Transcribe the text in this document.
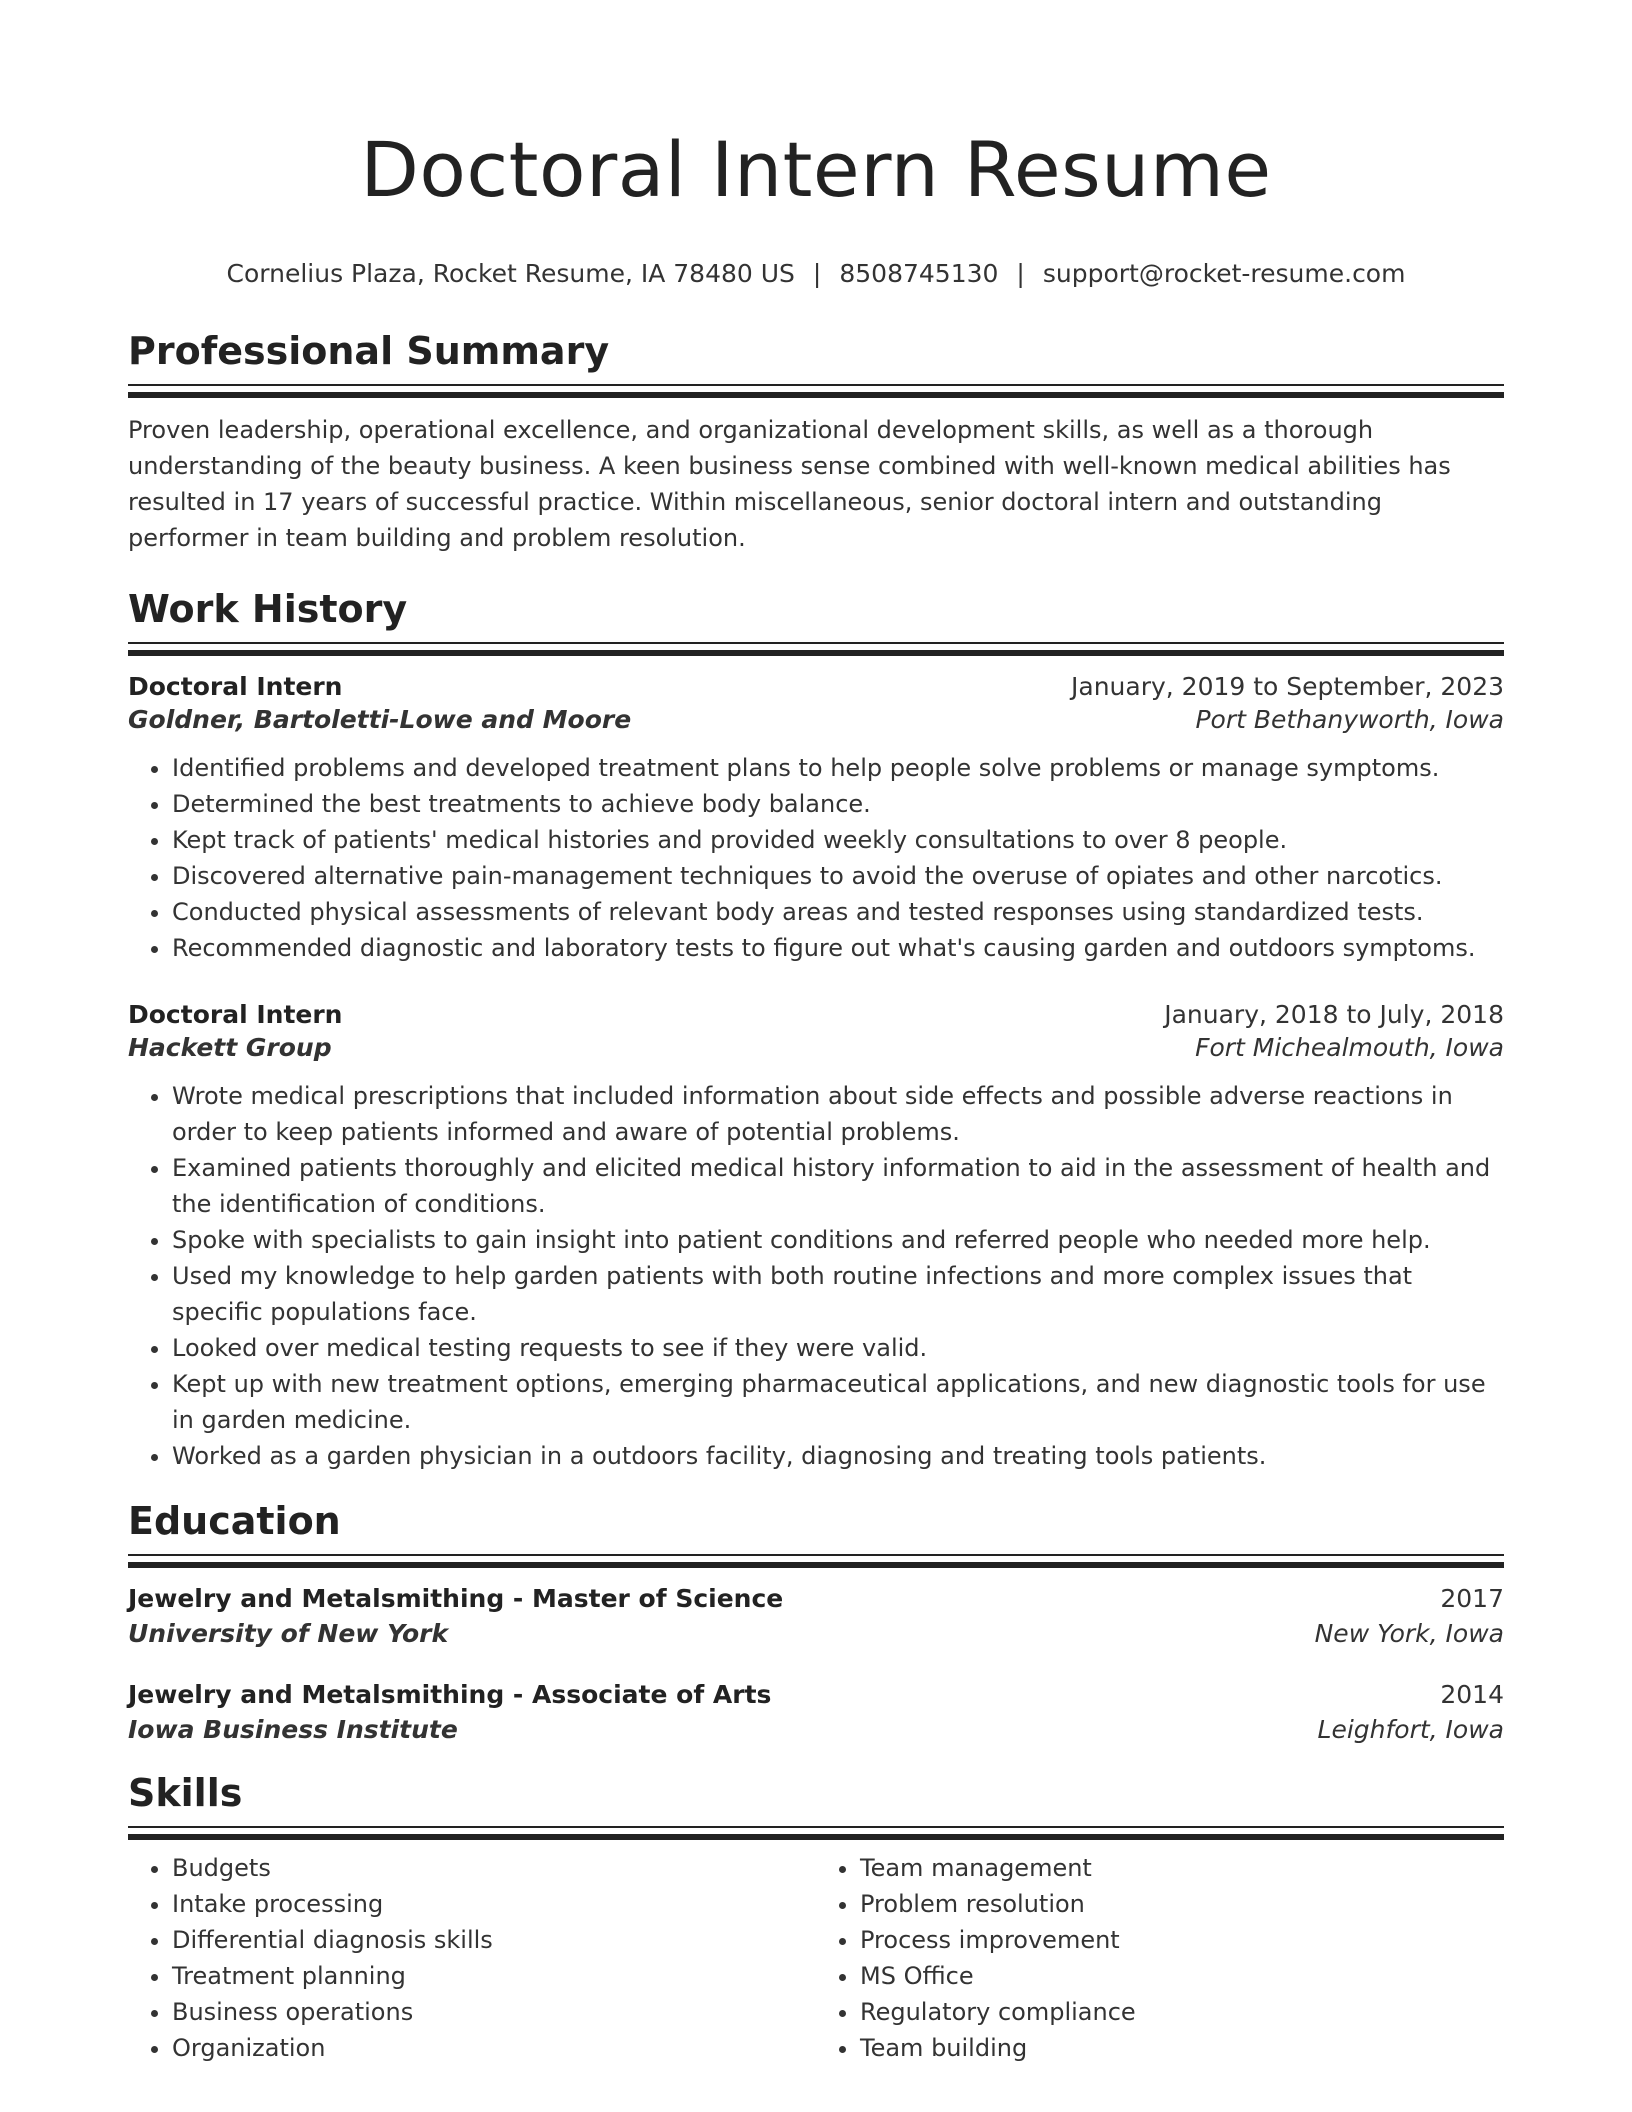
Doctoral Intern Resume
Cornelius Plaza, Rocket Resume, IA 78480 US | 8508745130 | support@rocket-resume.com
Professional Summary

Proven leadership, operational excellence, and organizational development skills, as well as a thorough understanding of the beauty business. A keen business sense combined with well-known medical abilities has resulted in 17 years of successful practice. Within miscellaneous, senior doctoral intern and outstanding performer in team building and problem resolution.

Work History
Doctoral Intern	January, 2019 to September, 2023
Goldner, Bartoletti-Lowe and Moore	Port Bethanyworth, Iowa
• Identified problems and developed treatment plans to help people solve problems or manage symptoms.
• Determined the best treatments to achieve body balance.
• Kept track of patients' medical histories and provided weekly consultations to over 8 people.
• Discovered alternative pain-management techniques to avoid the overuse of opiates and other narcotics.
• Conducted physical assessments of relevant body areas and tested responses using standardized tests.
• Recommended diagnostic and laboratory tests to figure out what's causing garden and outdoors symptoms.
Doctoral Intern	January, 2018 to July, 2018
Hackett Group	Fort Michealmouth, Iowa
• Wrote medical prescriptions that included information about side effects and possible adverse reactions in order to keep patients informed and aware of potential problems.
• Examined patients thoroughly and elicited medical history information to aid in the assessment of health and the identification of conditions.
• Spoke with specialists to gain insight into patient conditions and referred people who needed more help.
• Used my knowledge to help garden patients with both routine infections and more complex issues that specific populations face.
• Looked over medical testing requests to see if they were valid.
• Kept up with new treatment options, emerging pharmaceutical applications, and new diagnostic tools for use in garden medicine.
• Worked as a garden physician in a outdoors facility, diagnosing and treating tools patients.
Education
Jewelry and Metalsmithing - Master of Science	2017
University of New York	New York, Iowa
Jewelry and Metalsmithing - Associate of Arts	2014
Iowa Business Institute	Leighfort, Iowa
Skills
• Budgets
• Intake processing
• Differential diagnosis skills
• Treatment planning
• Business operations
• Organization
• Team management
• Problem resolution
• Process improvement
• MS Office
• Regulatory compliance
• Team building
